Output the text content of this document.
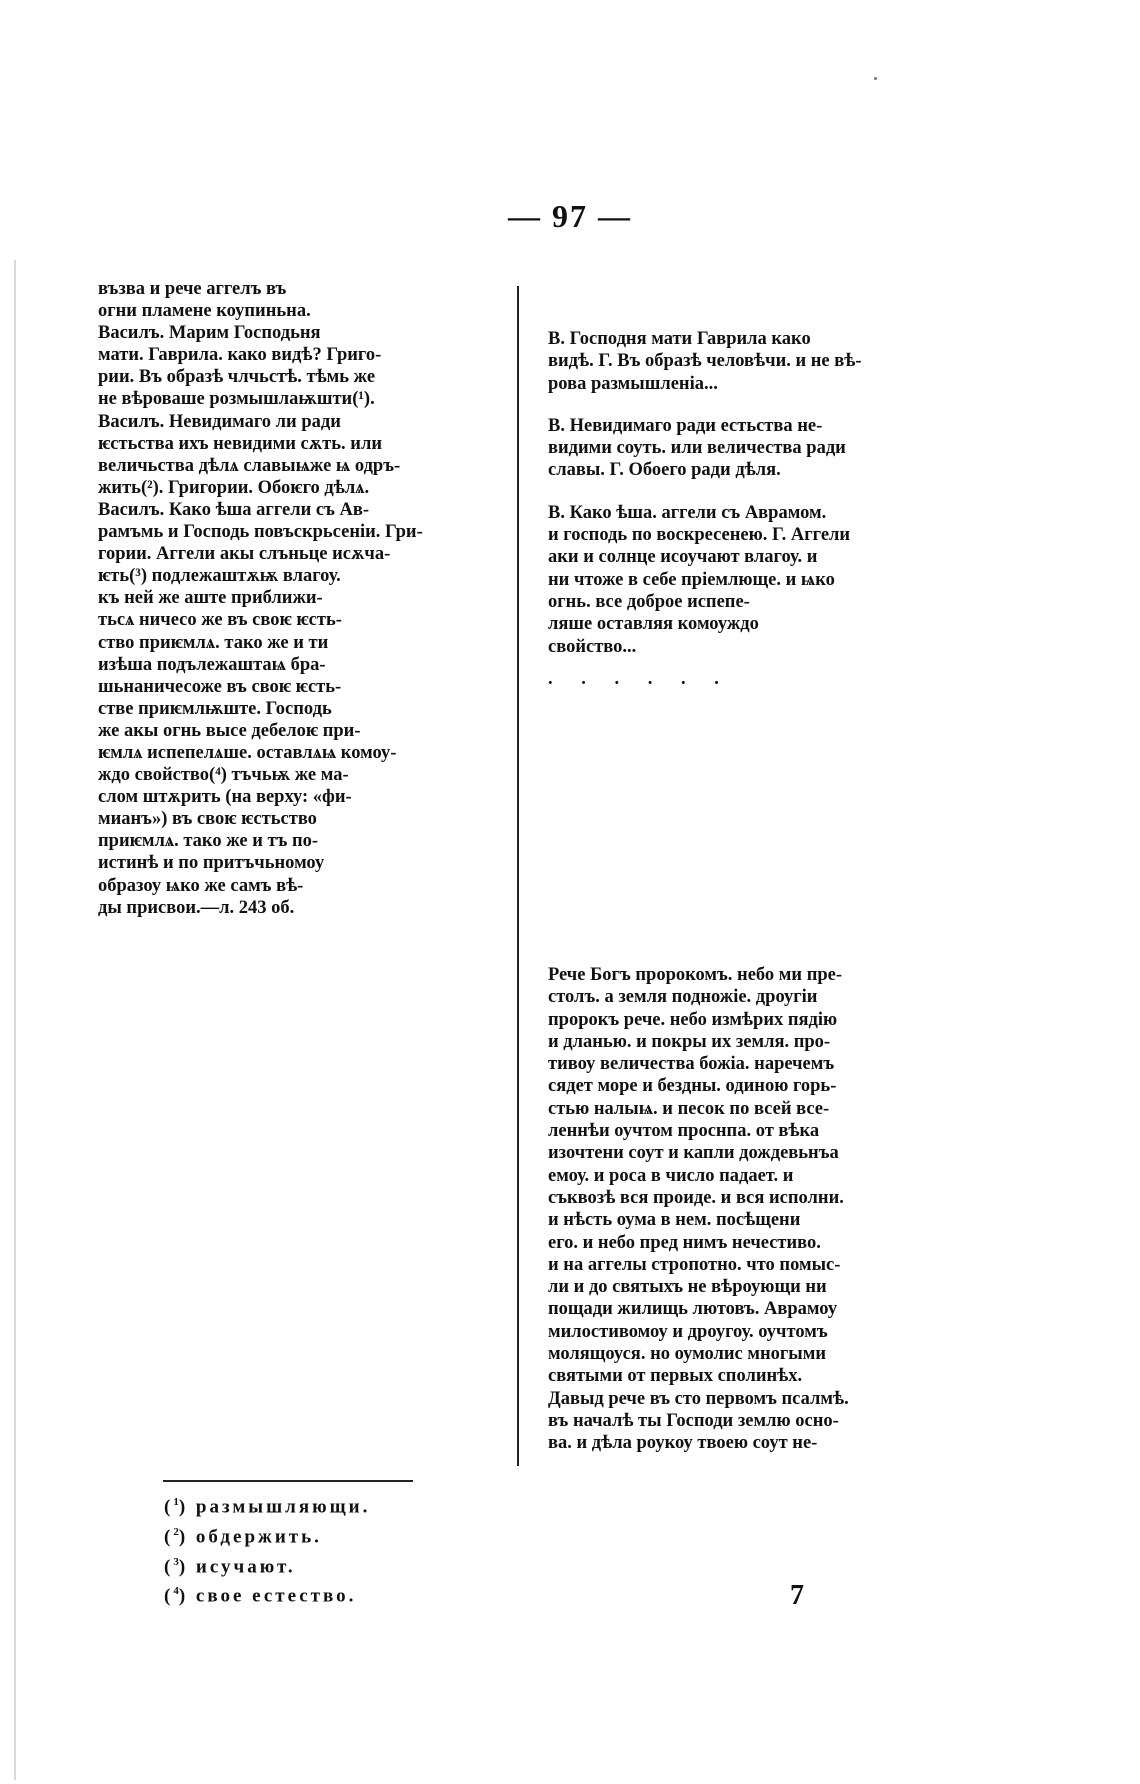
— 97 —
възва и рече аггелъ въ
огни пламене коупиньна.
Василъ. Марим Господьня
мати. Гаврила. како видѣ? Григо-
рии. Въ образѣ члчьстѣ. тѣмь же
не вѣроваше розмышлаѭшти(¹).
Василъ. Невидимаго ли ради
ѥстьства ихъ невидими сѫть. или
величьства дѣлѧ славыѩже ѩ одръ-
жить(²). Григории. Обоѥго дѣлѧ.
Василъ. Како ѣша аггели съ Ав-
рамъмь и Господь повъскрьсеніи. Гри-
гории. Аггели акы слъньце исѫча-
ѥть(³) подлежаштѫѭ влагоу.
къ ней же аште приближи-
тьсѧ ничесо же въ своѥ ѥсть-
ство приѥмлѧ. тако же и ти
изѣша подълежаштаѩ бра-
шьнаничесоже въ своѥ ѥсть-
стве приѥмлѭште. Господь
же акы огнь высе дебелоѥ при-
ѥмлѧ испепелѧше. оставлѧѩ комоу-
ждо свойство(⁴) тъчьѭ же ма-
слом штѫрить (на верху: «фи-
мианъ») въ своѥ ѥстьство
приѥмлѧ. тако же и тъ по-
истинѣ и по притъчьномоу
образоу ѩко же самъ вѣ-
ды присвои.—л. 243 об.

В. Господня мати Гаврила како
видѣ. Г. Въ образѣ человѣчи. и не вѣ-
рова размышленіа...

В. Невидимаго ради естьства не-
видими соуть. или величества ради
славы. Г. Обоего ради дѣля.

В. Како ѣша. аггели съ Аврамом.
и господь по воскресенею. Г. Аггели
аки и солнце исоучают влагоу. и
ни чтоже в себе пріемлюще. и ѩко
огнь. все доброе испепе-
ляше оставляя комоуждо
свойство...

. . . . . .
Рече Богъ пророкомъ. небо ми пре-
столъ. а земля подножіе. дроугіи
пророкъ рече. небо измѣрих пядію
и дланью. и покры их земля. про-
тивоу величества божіа. наречемъ
сядет море и бездны. одиною горь-
стью налыѩ. и песок по всей все-
леннѣи оучтом проснпа. от вѣка
изочтени соут и капли дождевьнъа
емоу. и роса в число падает. и
съквозѣ вся проиде. и вся исполни.
и нѣсть оума в нем. посѣщени
его. и небо пред нимъ нечестиво.
и на аггелы стропотно. что помыс-
ли и до святыхъ не вѣроующи ни
пощади жилищь лютовъ. Аврамоу
милостивомоу и дроугоу. оучтомъ
молящоуся. но оумолис многыми
святыми от первых сполинѣх.
Давыд рече въ сто первомъ псалмѣ.
въ началѣ ты Господи землю осно-
ва. и дѣла роукоу твоею соут не-
($^1$) размышляющи.
($^2$) обдержить.
($^3$) исучают.
($^4$) свое естество.	7
